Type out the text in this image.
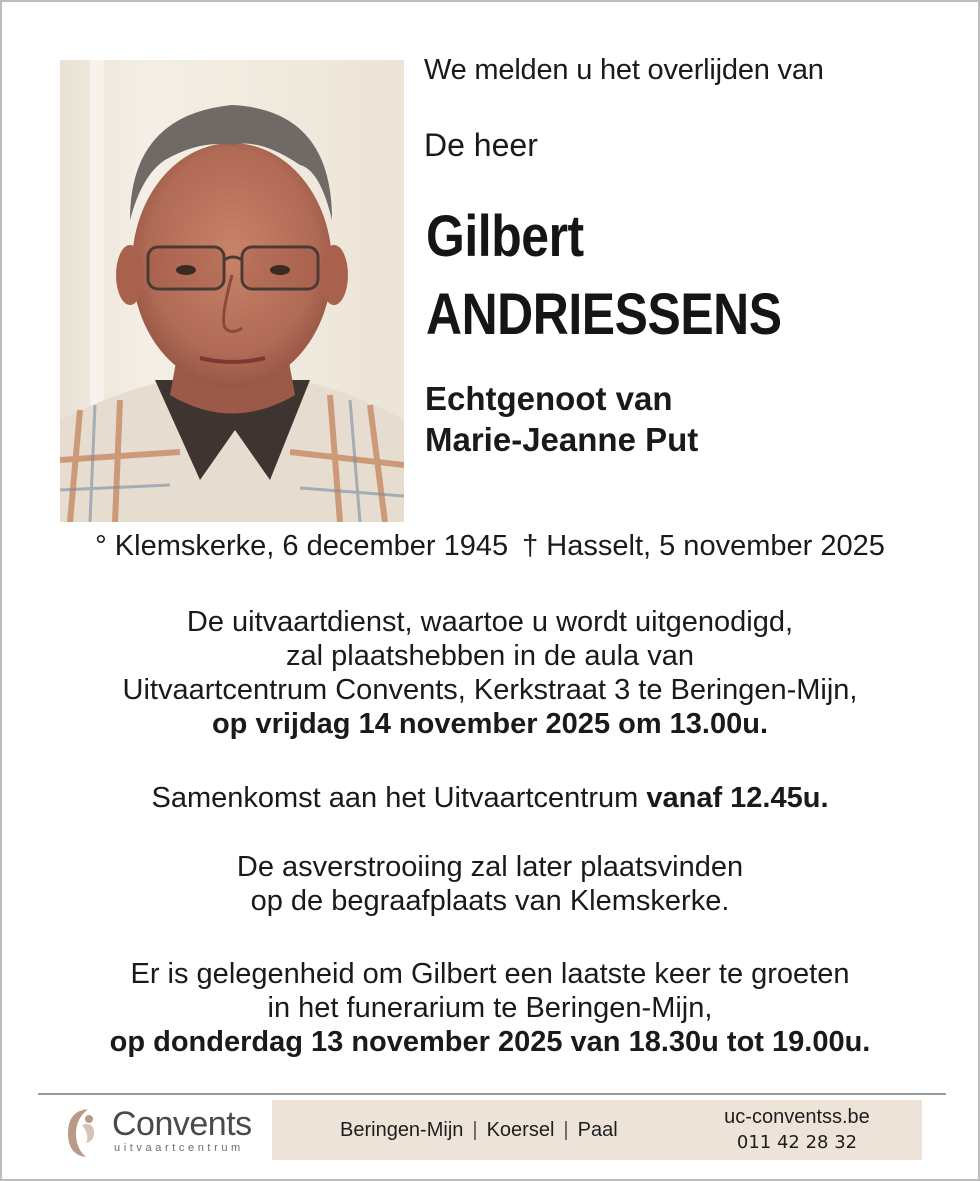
We melden u het overlijden van
De heer
Gilbert
ANDRIESSENS
Echtgenoot van
Marie-Jeanne Put
° Klemskerke, 6 december 1945 † Hasselt, 5 november 2025
De uitvaartdienst, waartoe u wordt uitgenodigd,
zal plaatshebben in de aula van
Uitvaartcentrum Convents, Kerkstraat 3 te Beringen-Mijn,
op vrijdag 14 november 2025 om 13.00u.
Samenkomst aan het Uitvaartcentrum vanaf 12.45u.
De asverstrooiing zal later plaatsvinden
op de begraafplaats van Klemskerke.
Er is gelegenheid om Gilbert een laatste keer te groeten
in het funerarium te Beringen-Mijn,
op donderdag 13 november 2025 van 18.30u tot 19.00u.
Convents
uitvaartcentrum
Beringen-Mijn | Koersel | Paal
uc-conventss.be
011 42 28 32
